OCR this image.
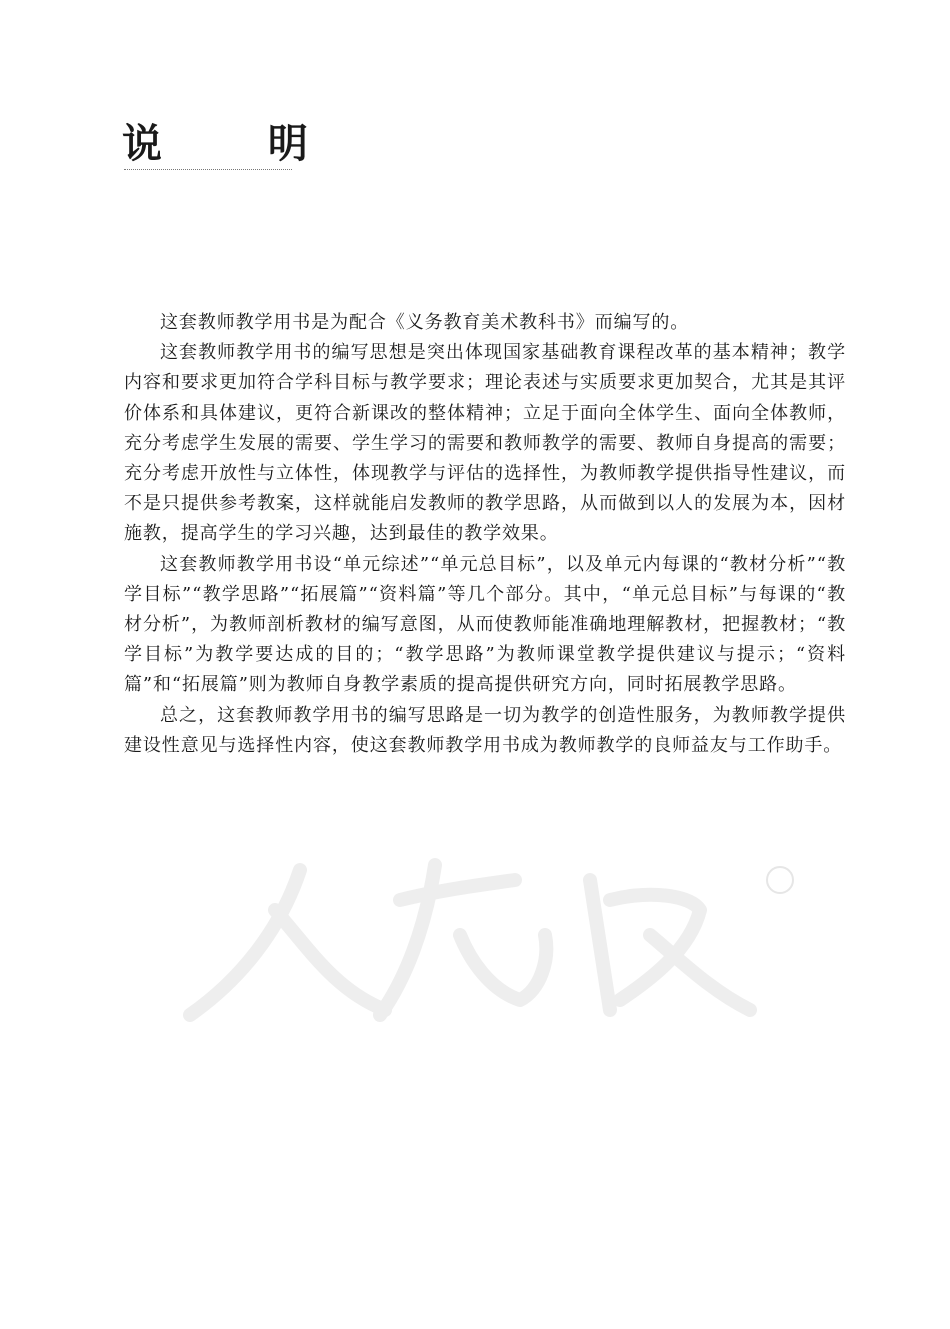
说 明

这套教师教学用书是为配合《义务教育美术教科书》而编写的。

这套教师教学用书的编写思想是突出体现国家基础教育课程改革的基本精神；教学内容和要求更加符合学科目标与教学要求；理论表述与实质要求更加契合，尤其是其评价体系和具体建议，更符合新课改的整体精神；立足于面向全体学生、面向全体教师，充分考虑学生发展的需要、学生学习的需要和教师教学的需要、教师自身提高的需要；充分考虑开放性与立体性，体现教学与评估的选择性，为教师教学提供指导性建议，而不是只提供参考教案，这样就能启发教师的教学思路，从而做到以人的发展为本，因材施教，提高学生的学习兴趣，达到最佳的教学效果。

这套教师教学用书设“单元综述”“单元总目标”，以及单元内每课的“教材分析”“教学目标”“教学思路”“拓展篇”“资料篇”等几个部分。其中，“单元总目标”与每课的“教材分析”，为教师剖析教材的编写意图，从而使教师能准确地理解教材，把握教材；“教学目标”为教学要达成的目的；“教学思路”为教师课堂教学提供建议与提示；“资料篇”和“拓展篇”则为教师自身教学素质的提高提供研究方向，同时拓展教学思路。

总之，这套教师教学用书的编写思路是一切为教学的创造性服务，为教师教学提供建设性意见与选择性内容，使这套教师教学用书成为教师教学的良师益友与工作助手。
